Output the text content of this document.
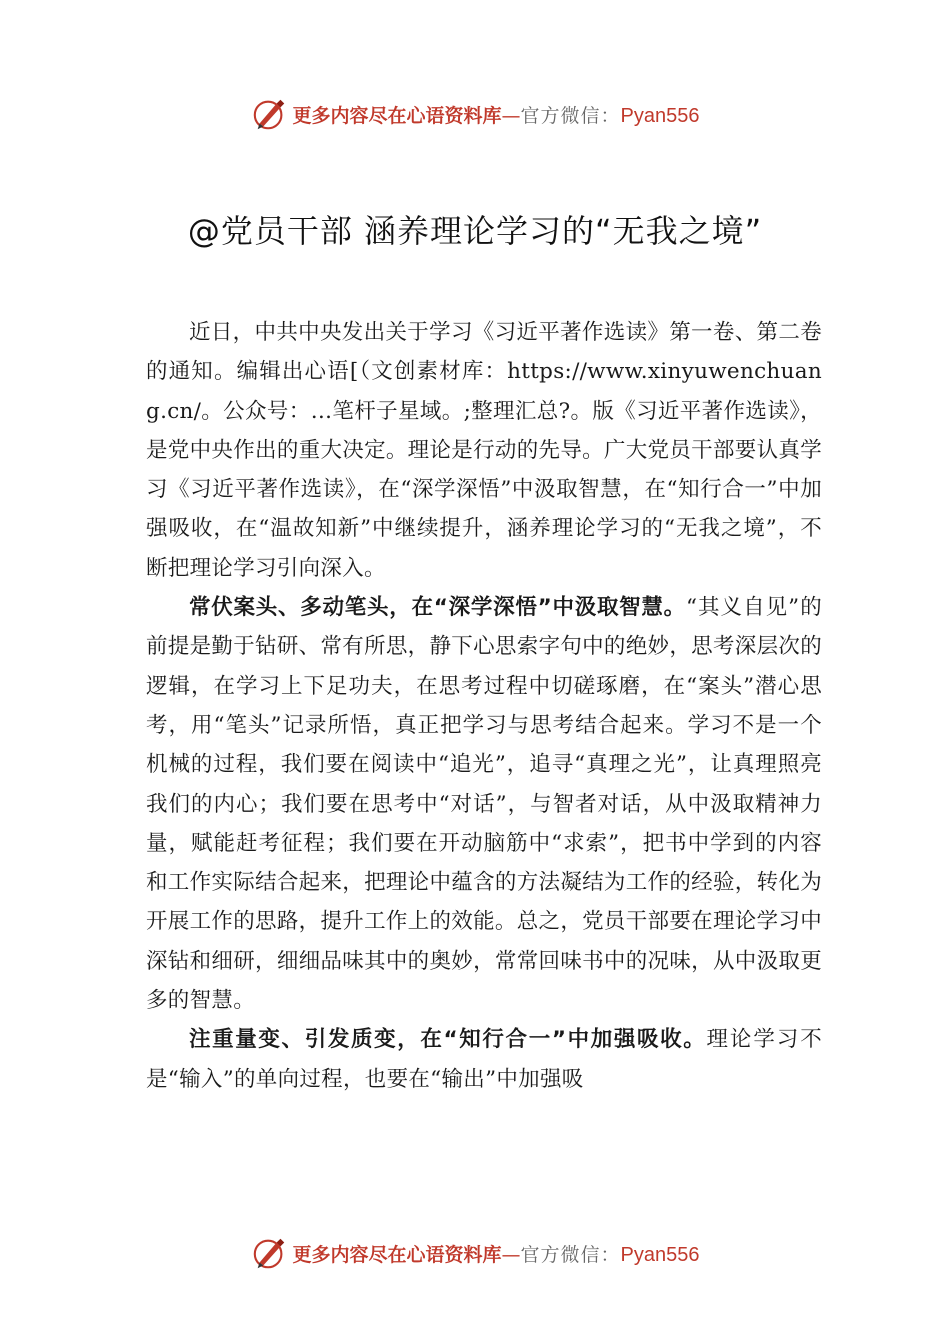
更多内容尽在心语资料库 — 官方微信： Pyan556
@党员干部 涵养理论学习的“无我之境”

近日，中共中央发出关于学习《习近平著作选读》第一卷、第二卷的通知。编辑出心语[（文创素材库：https://www.xinyuwenchuang.cn/。公众号：…笔杆子星域。;整理汇总?。版《习近平著作选读》，是党中央作出的重大决定。理论是行动的先导。广大党员干部要认真学习《习近平著作选读》，在“深学深悟”中汲取智慧，在“知行合一”中加强吸收，在“温故知新”中继续提升，涵养理论学习的“无我之境”，不断把理论学习引向深入。

常伏案头、多动笔头，在“深学深悟”中汲取智慧。“其义自见”的前提是勤于钻研、常有所思，静下心思索字句中的绝妙，思考深层次的逻辑，在学习上下足功夫，在思考过程中切磋琢磨，在“案头”潜心思考，用“笔头”记录所悟，真正把学习与思考结合起来。学习不是一个机械的过程，我们要在阅读中“追光”，追寻“真理之光”，让真理照亮我们的内心；我们要在思考中“对话”，与智者对话，从中汲取精神力量，赋能赶考征程；我们要在开动脑筋中“求索”，把书中学到的内容和工作实际结合起来，把理论中蕴含的方法凝结为工作的经验，转化为开展工作的思路，提升工作上的效能。总之，党员干部要在理论学习中深钻和细研，细细品味其中的奥妙，常常回味书中的况味，从中汲取更多的智慧。

注重量变、引发质变，在“知行合一”中加强吸收。理论学习不是“输入”的单向过程，也要在“输出”中加强吸

更多内容尽在心语资料库 — 官方微信： Pyan556
